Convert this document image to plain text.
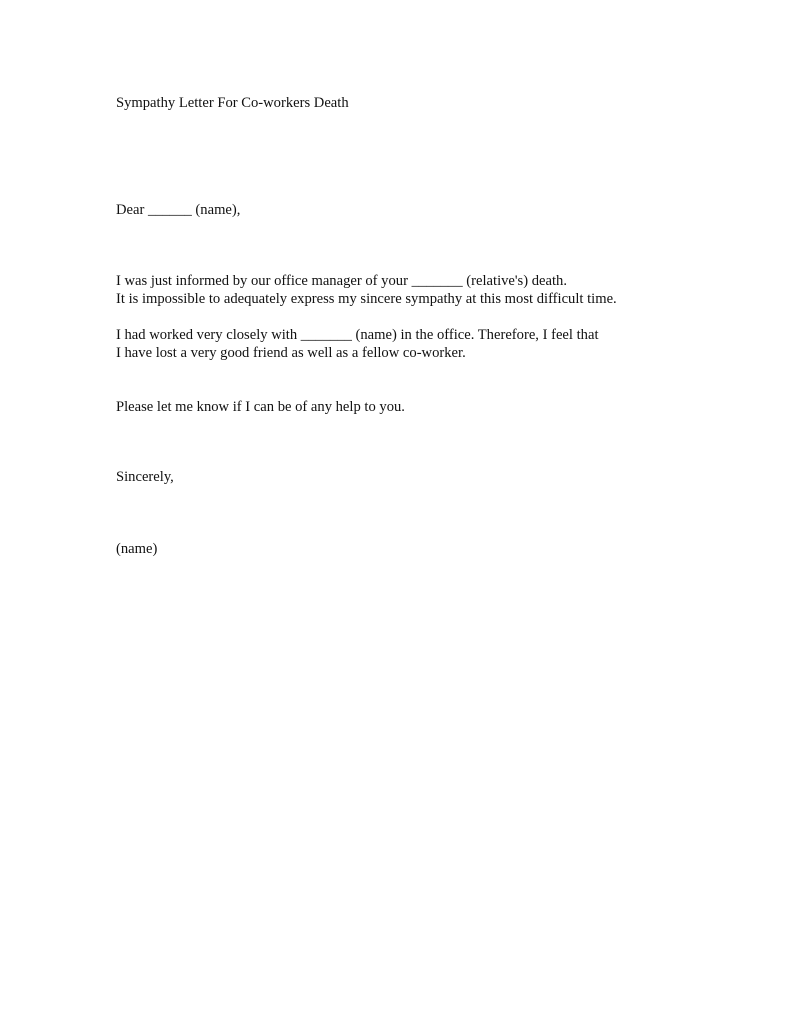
Sympathy Letter For Co-workers Death
Dear ______ (name),
I was just informed by our office manager of your _______ (relative's) death.
It is impossible to adequately express my sincere sympathy at this most difficult time.
I had worked very closely with _______ (name) in the office. Therefore, I feel that
I have lost a very good friend as well as a fellow co-worker.
Please let me know if I can be of any help to you.
Sincerely,
(name)
